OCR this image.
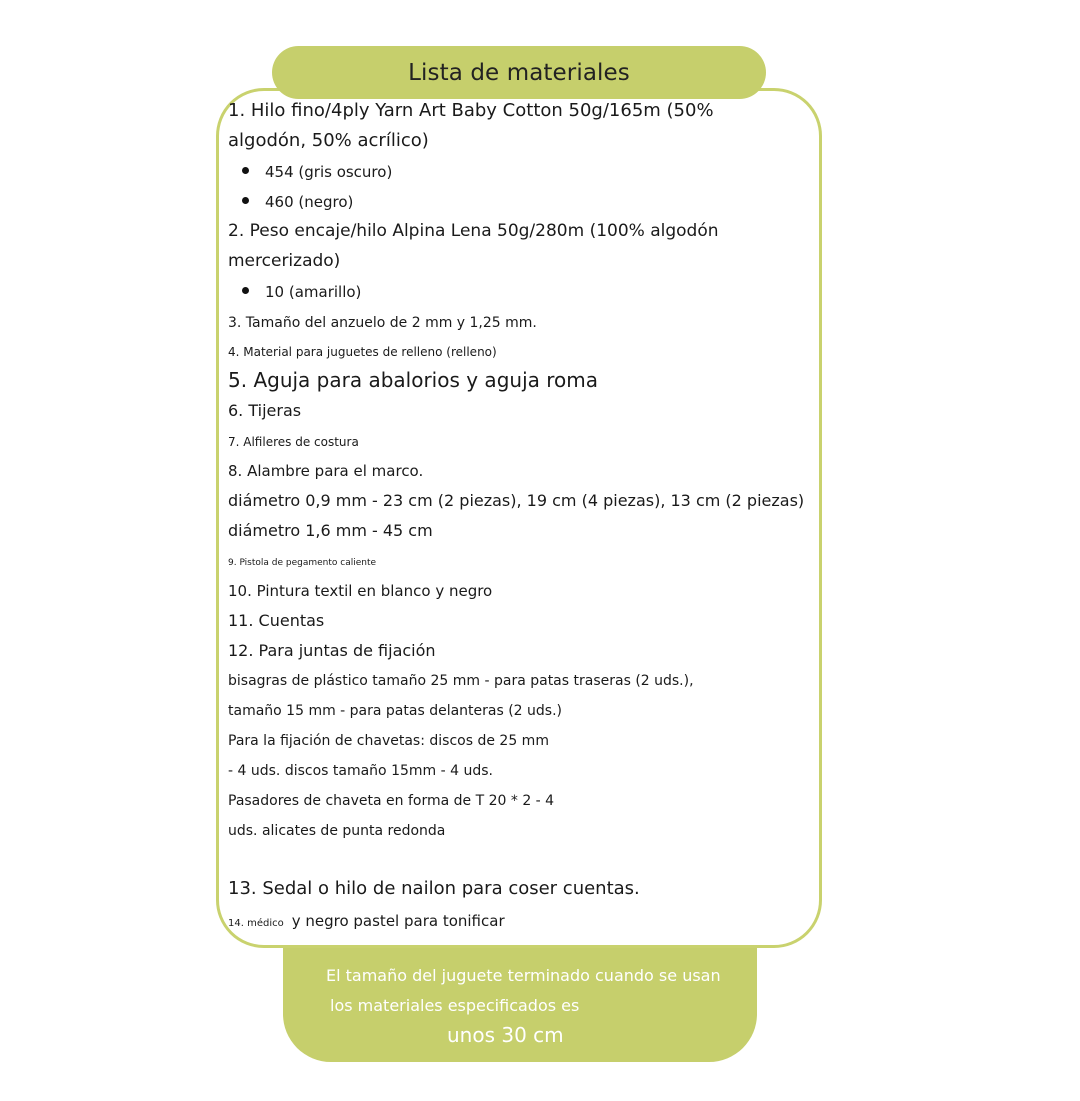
El tamaño del juguete terminado cuando se usan
los materiales especificados es
unos 30 cm
Lista de materiales
1. Hilo fino/4ply Yarn Art Baby Cotton 50g/165m (50%
algodón, 50% acrílico)
454 (gris oscuro)
460 (negro)
2. Peso encaje/hilo Alpina Lena 50g/280m (100% algodón
mercerizado)
10 (amarillo)
3. Tamaño del anzuelo de 2 mm y 1,25 mm.
4. Material para juguetes de relleno (relleno)
5. Aguja para abalorios y aguja roma
6. Tijeras
7. Alfileres de costura
8. Alambre para el marco.
diámetro 0,9 mm - 23 cm (2 piezas), 19 cm (4 piezas), 13 cm (2 piezas)
diámetro 1,6 mm - 45 cm
9. Pistola de pegamento caliente
10. Pintura textil en blanco y negro
11. Cuentas
12. Para juntas de fijación
bisagras de plástico tamaño 25 mm - para patas traseras (2 uds.),
tamaño 15 mm - para patas delanteras (2 uds.)
Para la fijación de chavetas: discos de 25 mm
- 4 uds. discos tamaño 15mm - 4 uds.
Pasadores de chaveta en forma de T 20 * 2 - 4
uds. alicates de punta redonda
13. Sedal o hilo de nailon para coser cuentas.
14. médico y negro pastel para tonificar
